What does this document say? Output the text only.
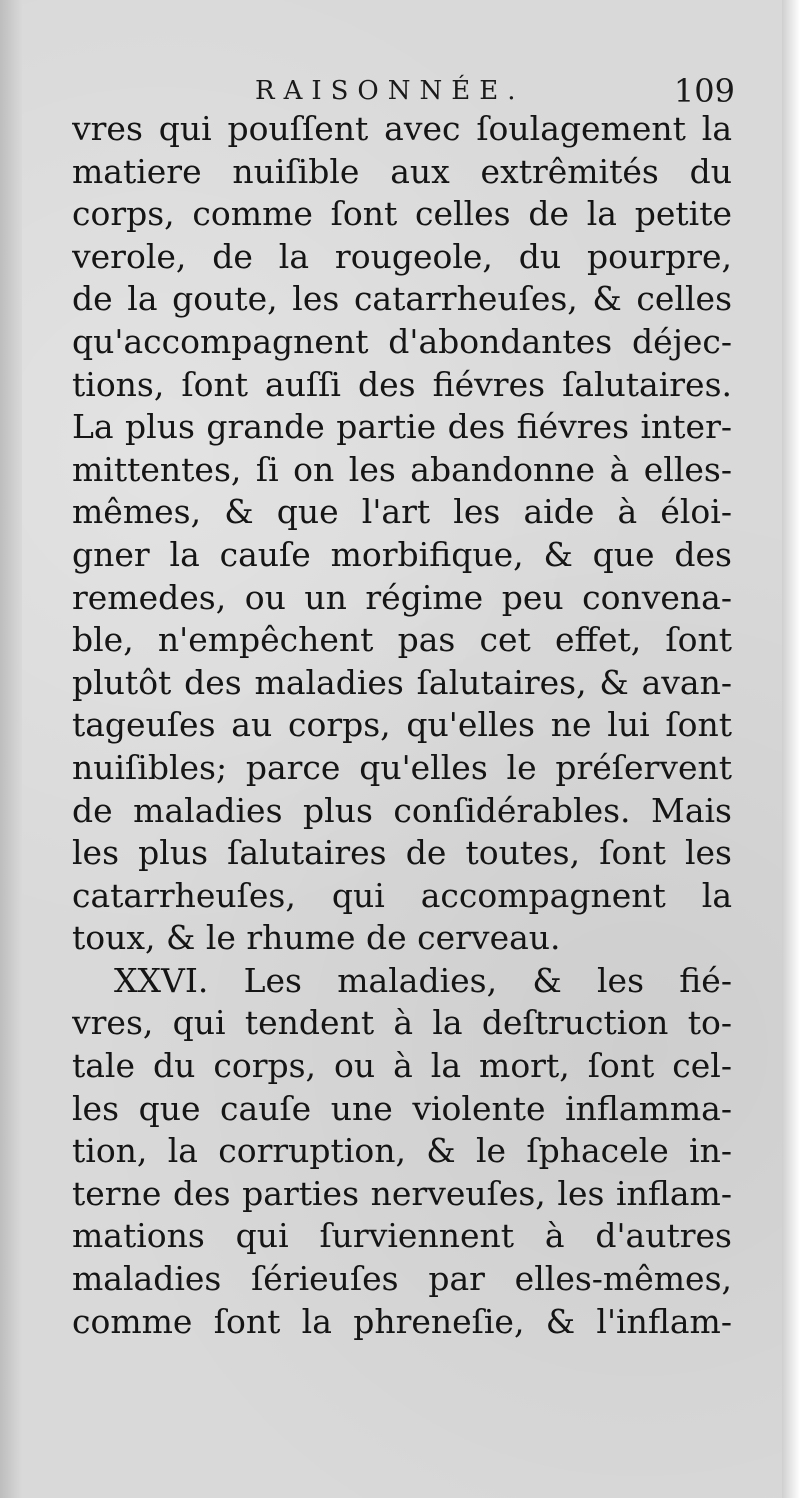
RAISONNÉE.	109
vres qui pouſſent avec ſoulagement la
matiere nuiſible aux extrêmités du
corps, comme ſont celles de la petite
verole, de la rougeole, du pourpre,
de la goute, les catarrheuſes, & celles
qu'accompagnent d'abondantes déjec-
tions, ſont auſſi des fiévres ſalutaires.
La plus grande partie des fiévres inter-
mittentes, ſi on les abandonne à elles-
mêmes, & que l'art les aide à éloi-
gner la cauſe morbifique, & que des
remedes, ou un régime peu convena-
ble, n'empêchent pas cet effet, ſont
plutôt des maladies ſalutaires, & avan-
tageuſes au corps, qu'elles ne lui ſont
nuiſibles; parce qu'elles le préſervent
de maladies plus conſidérables. Mais
les plus ſalutaires de toutes, ſont les
catarrheuſes, qui accompagnent la
toux, & le rhume de cerveau.
XXVI. Les maladies, & les fié-
vres, qui tendent à la deſtruction to-
tale du corps, ou à la mort, ſont cel-
les que cauſe une violente inflamma-
tion, la corruption, & le ſphacele in-
terne des parties nerveuſes, les inflam-
mations qui ſurviennent à d'autres
maladies ſérieuſes par elles-mêmes,
comme ſont la phreneſie, & l'inflam-
